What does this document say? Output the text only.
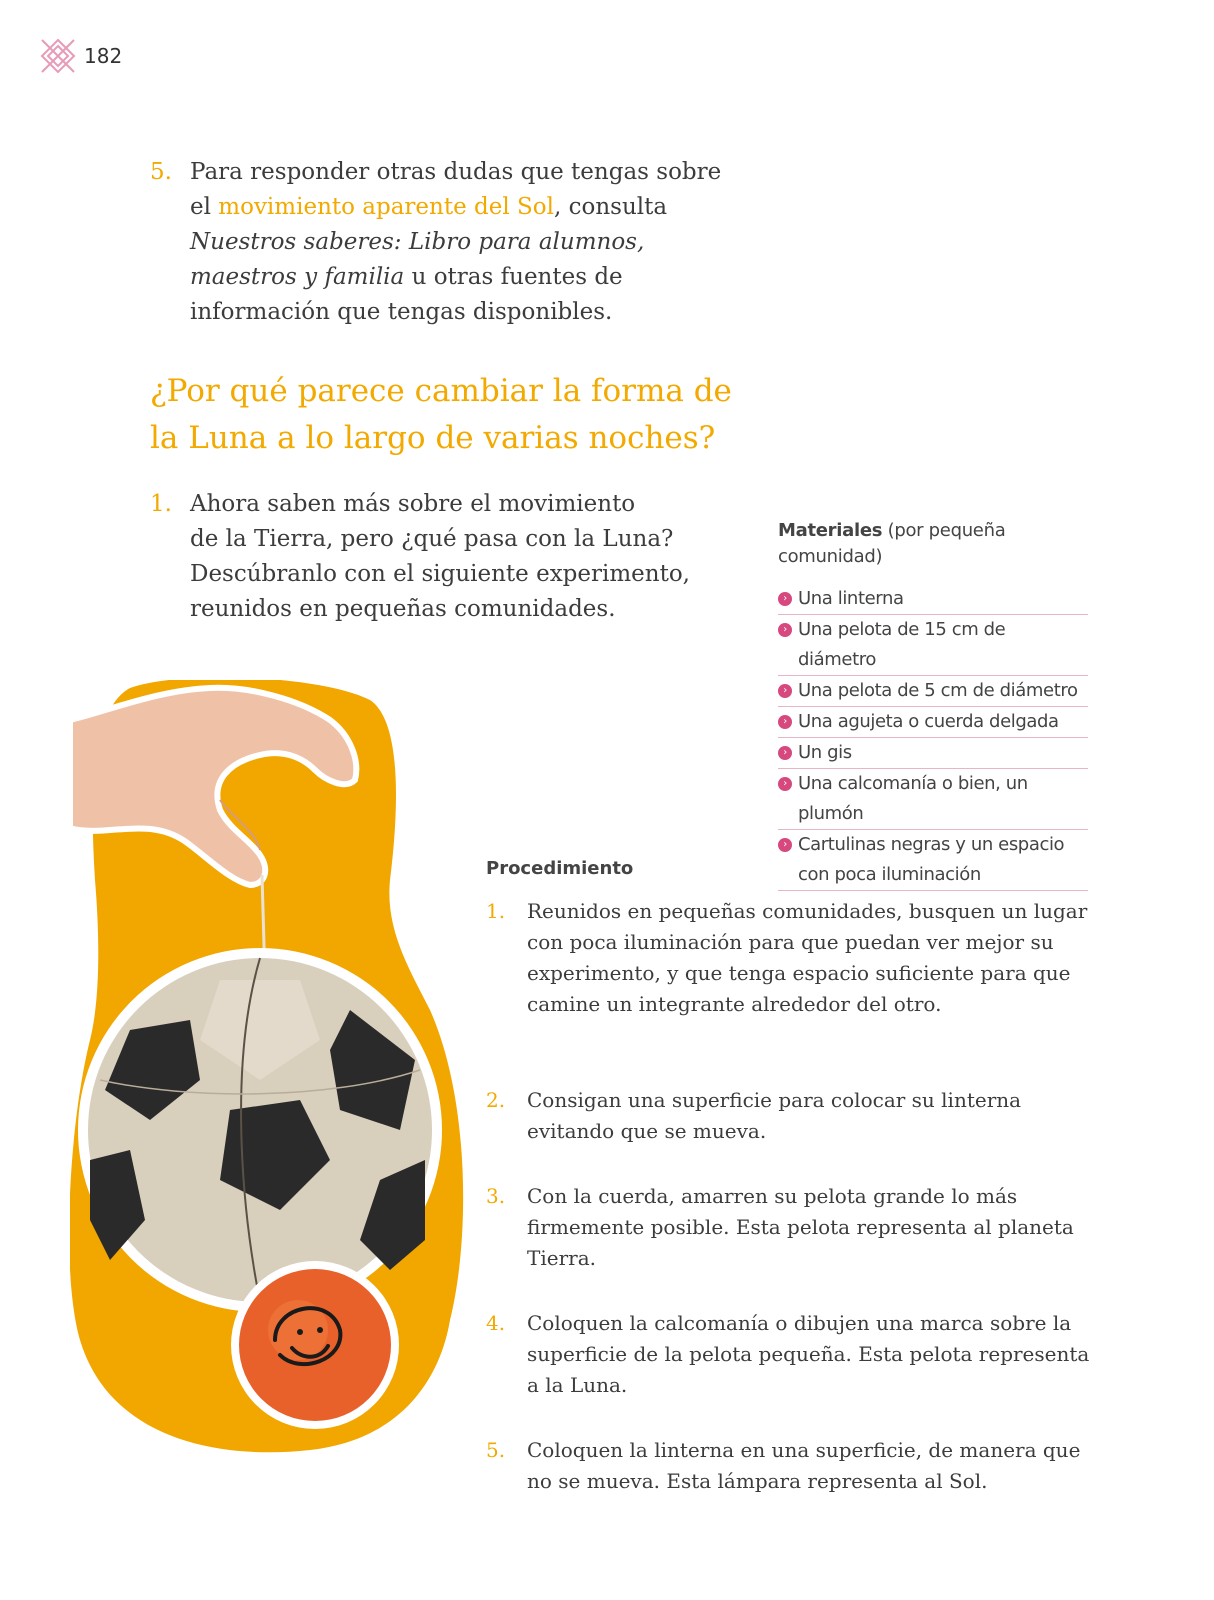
182
5. Para responder otras dudas que tengas sobre
el movimiento aparente del Sol, consulta
Nuestros saberes: Libro para alumnos,
maestros y familia u otras fuentes de
información que tengas disponibles.
¿Por qué parece cambiar la forma de
la Luna a lo largo de varias noches?
1. Ahora saben más sobre el movimiento
de la Tierra, pero ¿qué pasa con la Luna?
Descúbranlo con el siguiente experimento,
reunidos en pequeñas comunidades.
Materiales (por pequeña comunidad)
› Una linterna
› Una pelota de 15 cm de diámetro
› Una pelota de 5 cm de diámetro
› Una agujeta o cuerda delgada
› Un gis
› Una calcomanía o bien, un plumón
› Cartulinas negras y un espacio con poca iluminación
Procedimiento
1. Reunidos en pequeñas comunidades, busquen un lugar con poca iluminación para que puedan ver mejor su experimento, y que tenga espacio suficiente para que camine un integrante alrededor del otro.
2. Consigan una superficie para colocar su linterna evitando que se mueva.
3. Con la cuerda, amarren su pelota grande lo más firmemente posible. Esta pelota representa al planeta Tierra.
4. Coloquen la calcomanía o dibujen una marca sobre la superficie de la pelota pequeña. Esta pelota representa a la Luna.
5. Coloquen la linterna en una superficie, de manera que no se mueva. Esta lámpara representa al Sol.
